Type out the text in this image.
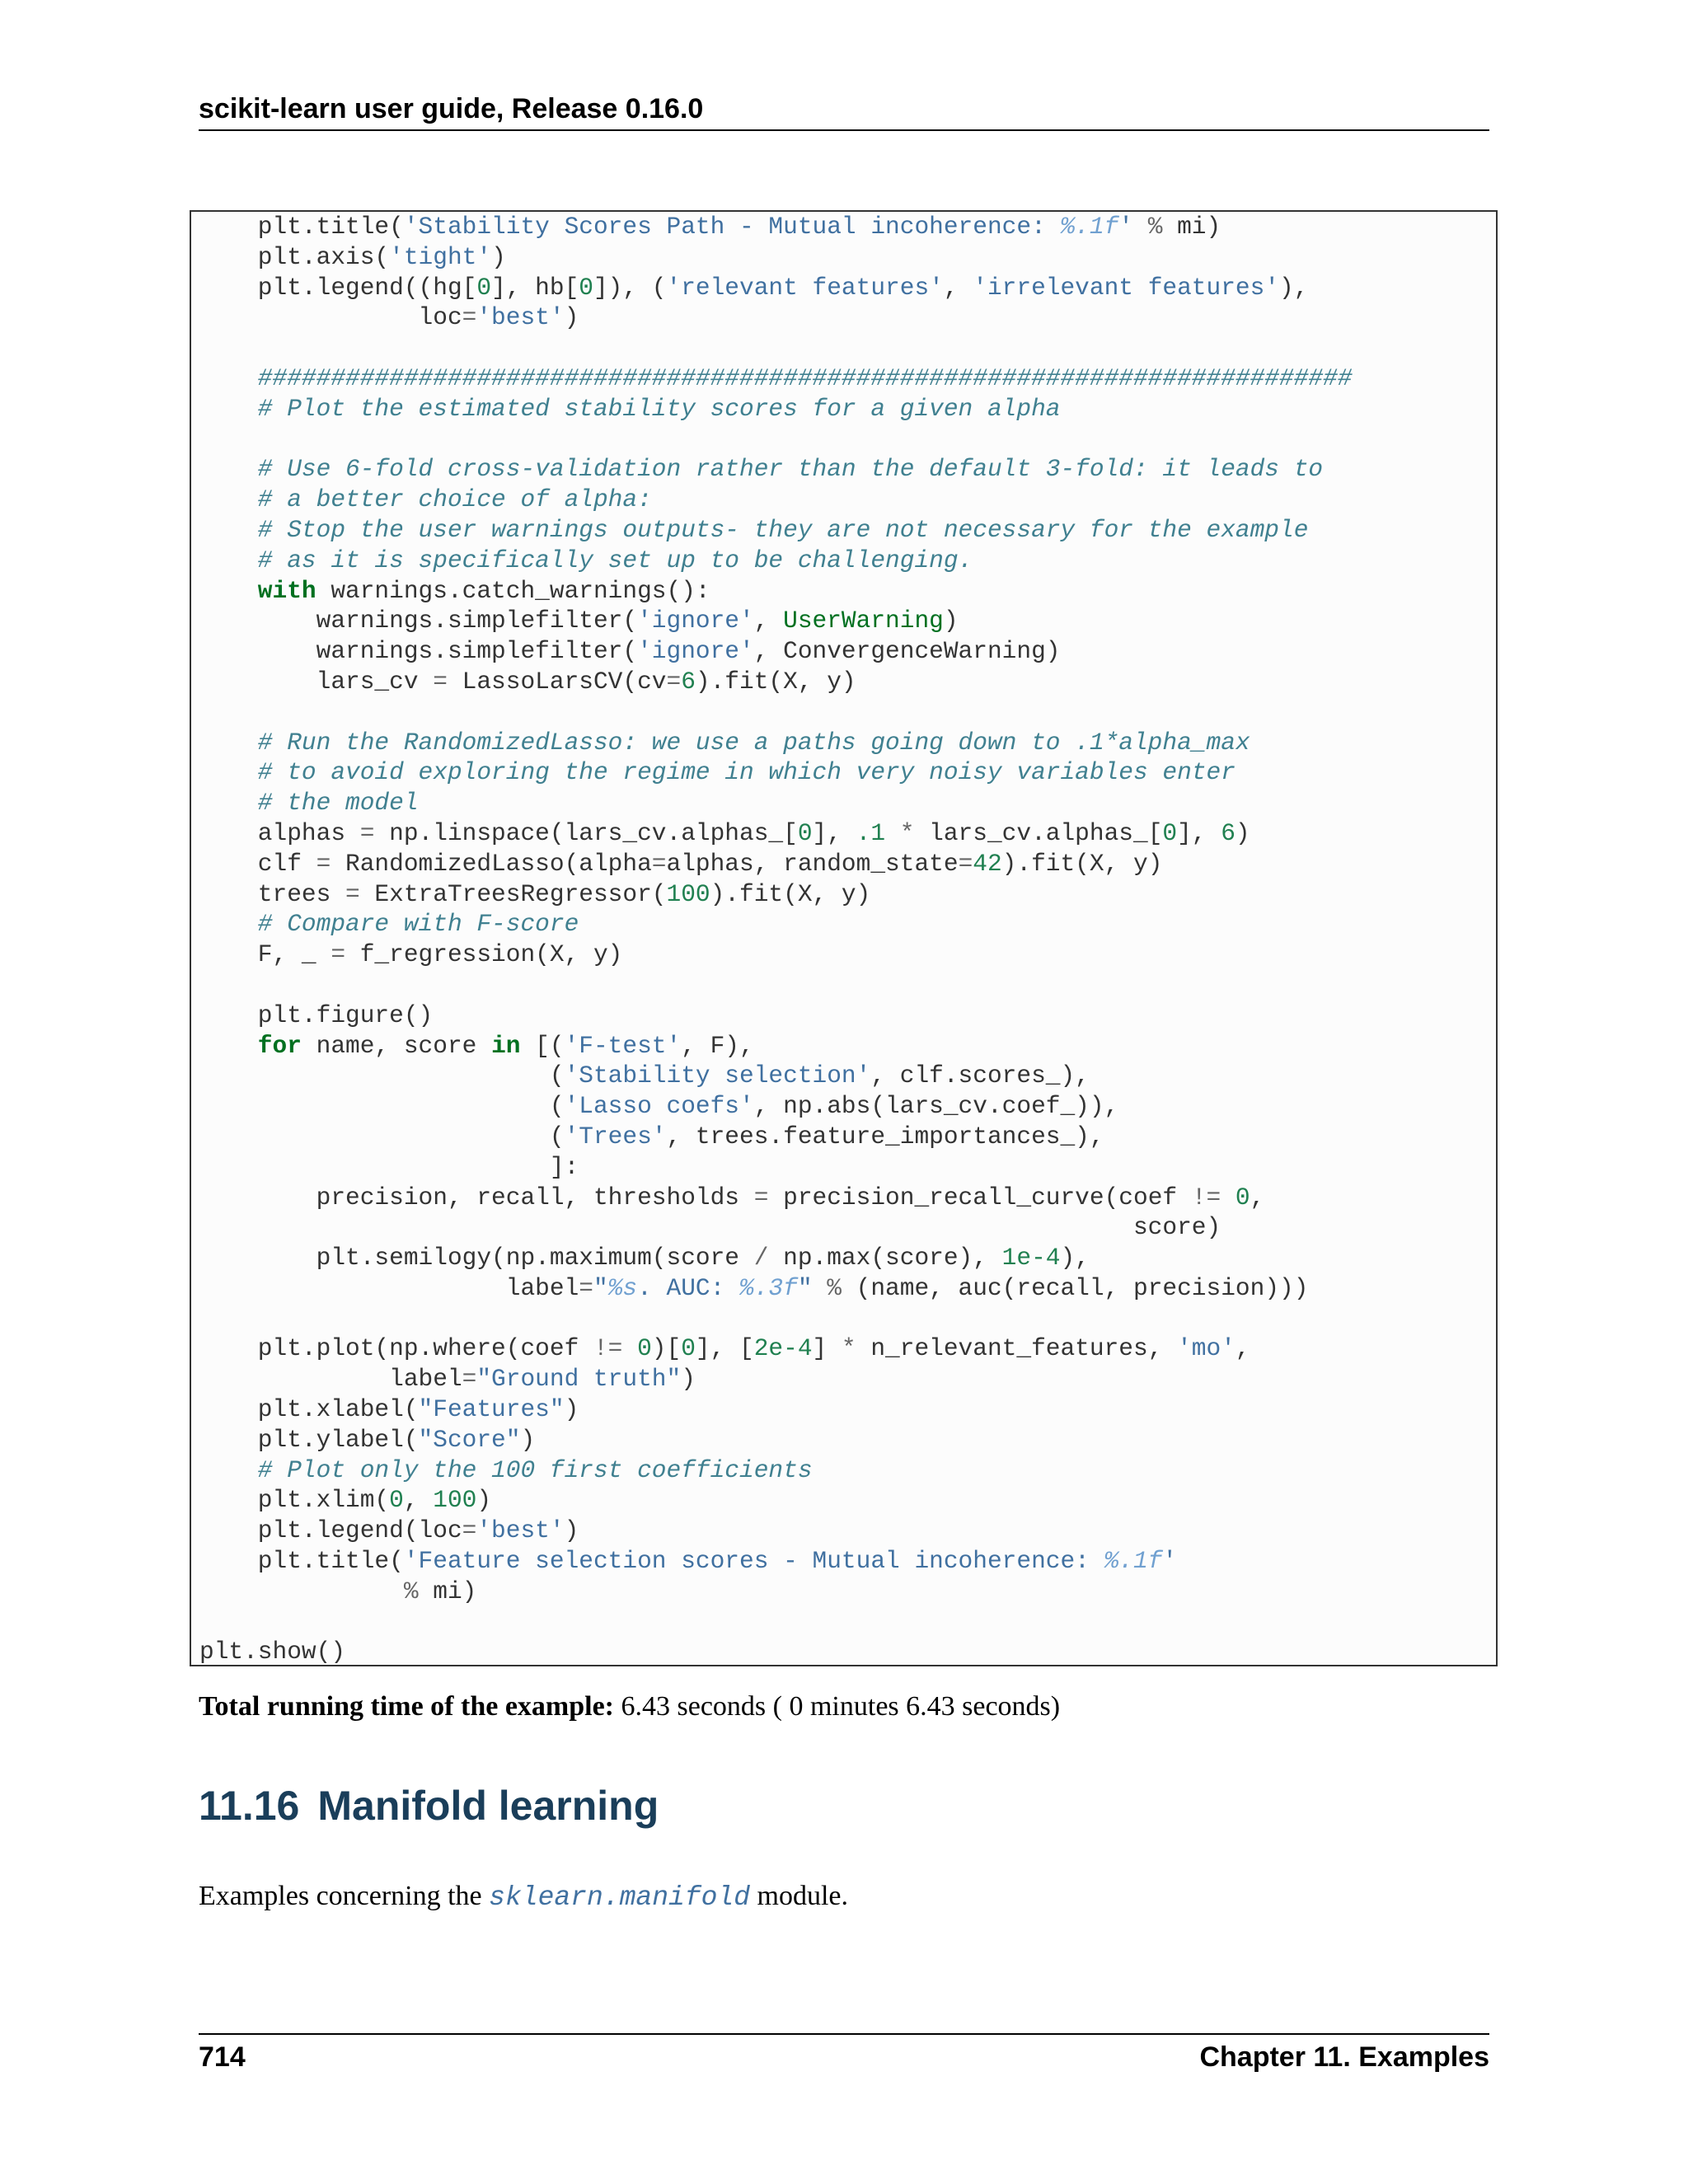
scikit-learn user guide, Release 0.16.0
plt.title('Stability Scores Path - Mutual incoherence: %.1f' % mi)
plt.axis('tight')
plt.legend((hg[0], hb[0]), ('relevant features', 'irrelevant features'),
loc='best')

###########################################################################
# Plot the estimated stability scores for a given alpha

# Use 6-fold cross-validation rather than the default 3-fold: it leads to
# a better choice of alpha:
# Stop the user warnings outputs- they are not necessary for the example
# as it is specifically set up to be challenging.
with warnings.catch_warnings():
warnings.simplefilter('ignore', UserWarning)
warnings.simplefilter('ignore', ConvergenceWarning)
lars_cv = LassoLarsCV(cv=6).fit(X, y)

# Run the RandomizedLasso: we use a paths going down to .1*alpha_max
# to avoid exploring the regime in which very noisy variables enter
# the model
alphas = np.linspace(lars_cv.alphas_[0], .1 * lars_cv.alphas_[0], 6)
clf = RandomizedLasso(alpha=alphas, random_state=42).fit(X, y)
trees = ExtraTreesRegressor(100).fit(X, y)
# Compare with F-score
F, _ = f_regression(X, y)

plt.figure()
for name, score in [('F-test', F),
('Stability selection', clf.scores_),
('Lasso coefs', np.abs(lars_cv.coef_)),
('Trees', trees.feature_importances_),
]:
precision, recall, thresholds = precision_recall_curve(coef != 0,
score)
plt.semilogy(np.maximum(score / np.max(score), 1e-4),
label="%s. AUC: %.3f" % (name, auc(recall, precision)))

plt.plot(np.where(coef != 0)[0], [2e-4] * n_relevant_features, 'mo',
label="Ground truth")
plt.xlabel("Features")
plt.ylabel("Score")
# Plot only the 100 first coefficients
plt.xlim(0, 100)
plt.legend(loc='best')
plt.title('Feature selection scores - Mutual incoherence: %.1f'
% mi)

plt.show()
Total running time of the example: 6.43 seconds ( 0 minutes 6.43 seconds)
11.16 Manifold learning
Examples concerning the sklearn.manifold module.
714	Chapter 11. Examples
